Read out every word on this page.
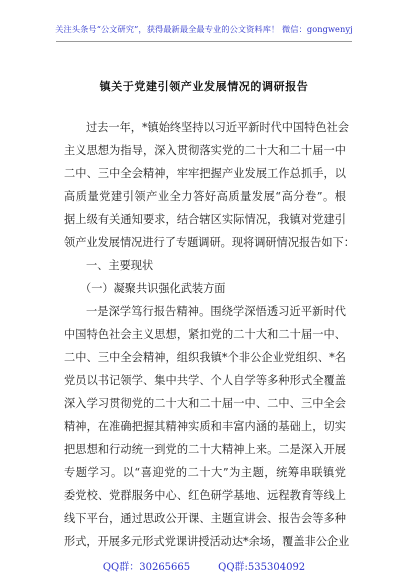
关注头条号“公文研究”，获得最新最全最专业的公文资料库！ 微信：gongwenyj
镇关于党建引领产业发展情况的调研报告
过去一年，*镇始终坚持以习近平新时代中国特色社会
主义思想为指导，深入贯彻落实党的二十大和二十届一中
二中、三中全会精神，牢牢把握产业发展工作总抓手，以
高质量党建引领产业全力答好高质量发展“高分卷”。根
据上级有关通知要求，结合辖区实际情况，我镇对党建引
领产业发展情况进行了专题调研。现将调研情况报告如下：
一、主要现状
（一）凝聚共识强化武装方面
一是深学笃行报告精神。围绕学深悟透习近平新时代
中国特色社会主义思想，紧扣党的二十大和二十届一中、
二中、三中全会精神，组织我镇*个非公企业党组织、*名
党员以书记领学、集中共学、个人自学等多种形式全覆盖
深入学习贯彻党的二十大和二十届一中、二中、三中全会
精神，在准确把握其精神实质和丰富内涵的基础上，切实
把思想和行动统一到党的二十大精神上来。二是深入开展
专题学习。以“喜迎党的二十大”为主题，统筹串联镇党
委党校、党群服务中心、红色研学基地、远程教育等线上
线下平台，通过思政公开课、主题宣讲会、报告会等多种
形式，开展多元形式党课讲授活动达*余场，覆盖非公企业
QQ群：30265665	QQ群:535304092
